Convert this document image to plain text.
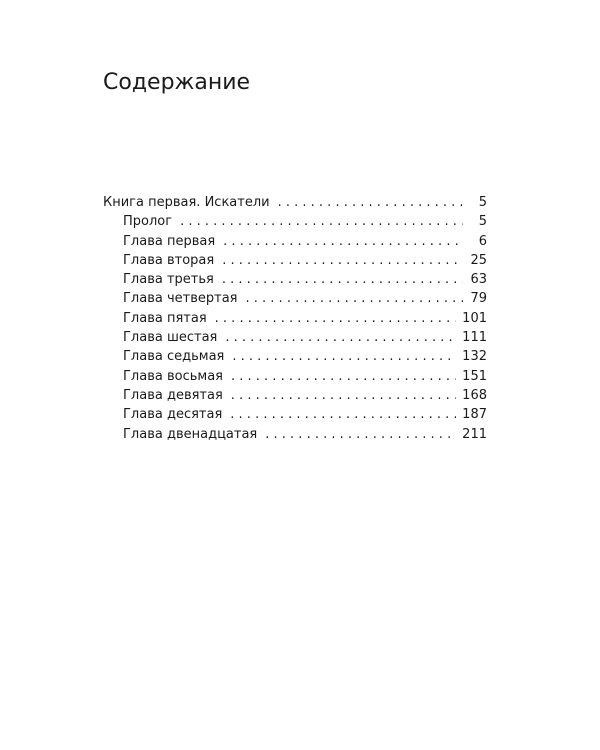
Содержание
Книга первая. Искатели . . .	5
Пролог . . .	5
Глава первая . . .	6
Глава вторая . . .	25
Глава третья . . .	63
Глава четвертая . . .	79
Глава пятая . . .	101
Глава шестая . . .	111
Глава седьмая . . .	132
Глава восьмая . . .	151
Глава девятая . . .	168
Глава десятая . . .	187
Глава двенадцатая . . .	211
